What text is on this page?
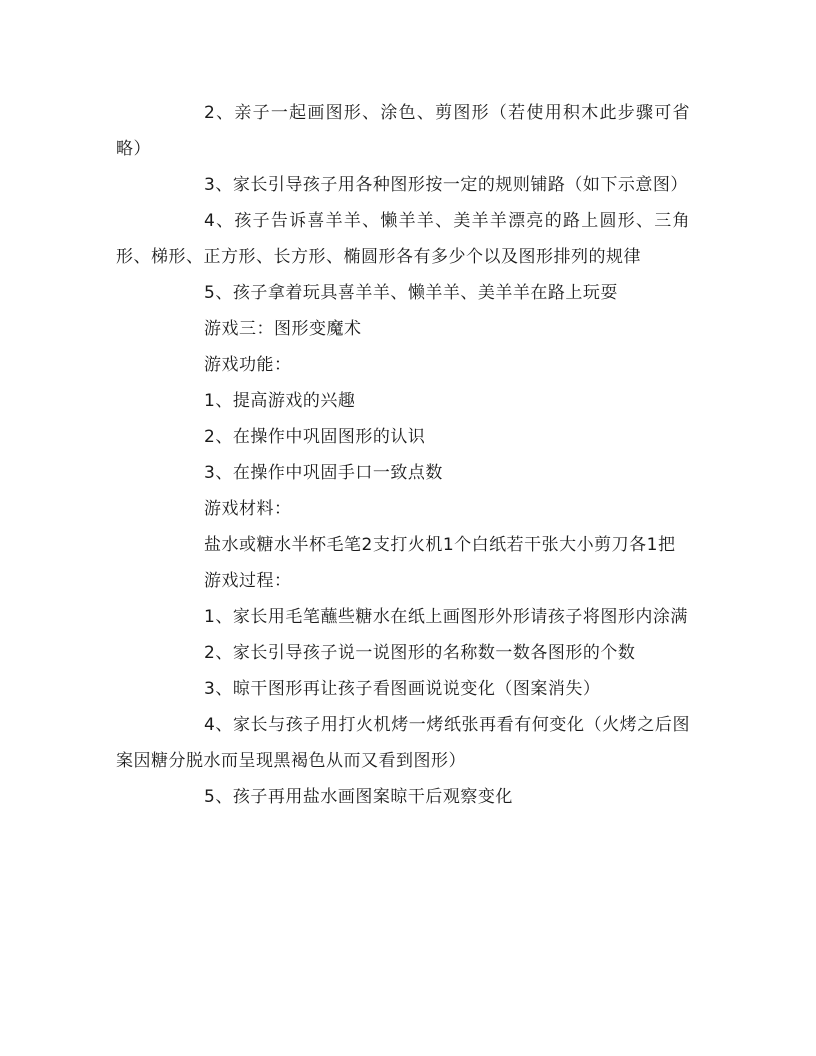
2、亲子一起画图形、涂色、剪图形（若使用积木此步骤可省略）

3、家长引导孩子用各种图形按一定的规则铺路（如下示意图）

4、孩子告诉喜羊羊、懒羊羊、美羊羊漂亮的路上圆形、三角形、梯形、正方形、长方形、椭圆形各有多少个以及图形排列的规律

5、孩子拿着玩具喜羊羊、懒羊羊、美羊羊在路上玩耍

游戏三：图形变魔术

游戏功能：

1、提高游戏的兴趣

2、在操作中巩固图形的认识

3、在操作中巩固手口一致点数

游戏材料：

盐水或糖水半杯毛笔2支打火机1个白纸若干张大小剪刀各1把

游戏过程：

1、家长用毛笔蘸些糖水在纸上画图形外形请孩子将图形内涂满

2、家长引导孩子说一说图形的名称数一数各图形的个数

3、晾干图形再让孩子看图画说说变化（图案消失）

4、家长与孩子用打火机烤一烤纸张再看有何变化（火烤之后图案因糖分脱水而呈现黑褐色从而又看到图形）

5、孩子再用盐水画图案晾干后观察变化
